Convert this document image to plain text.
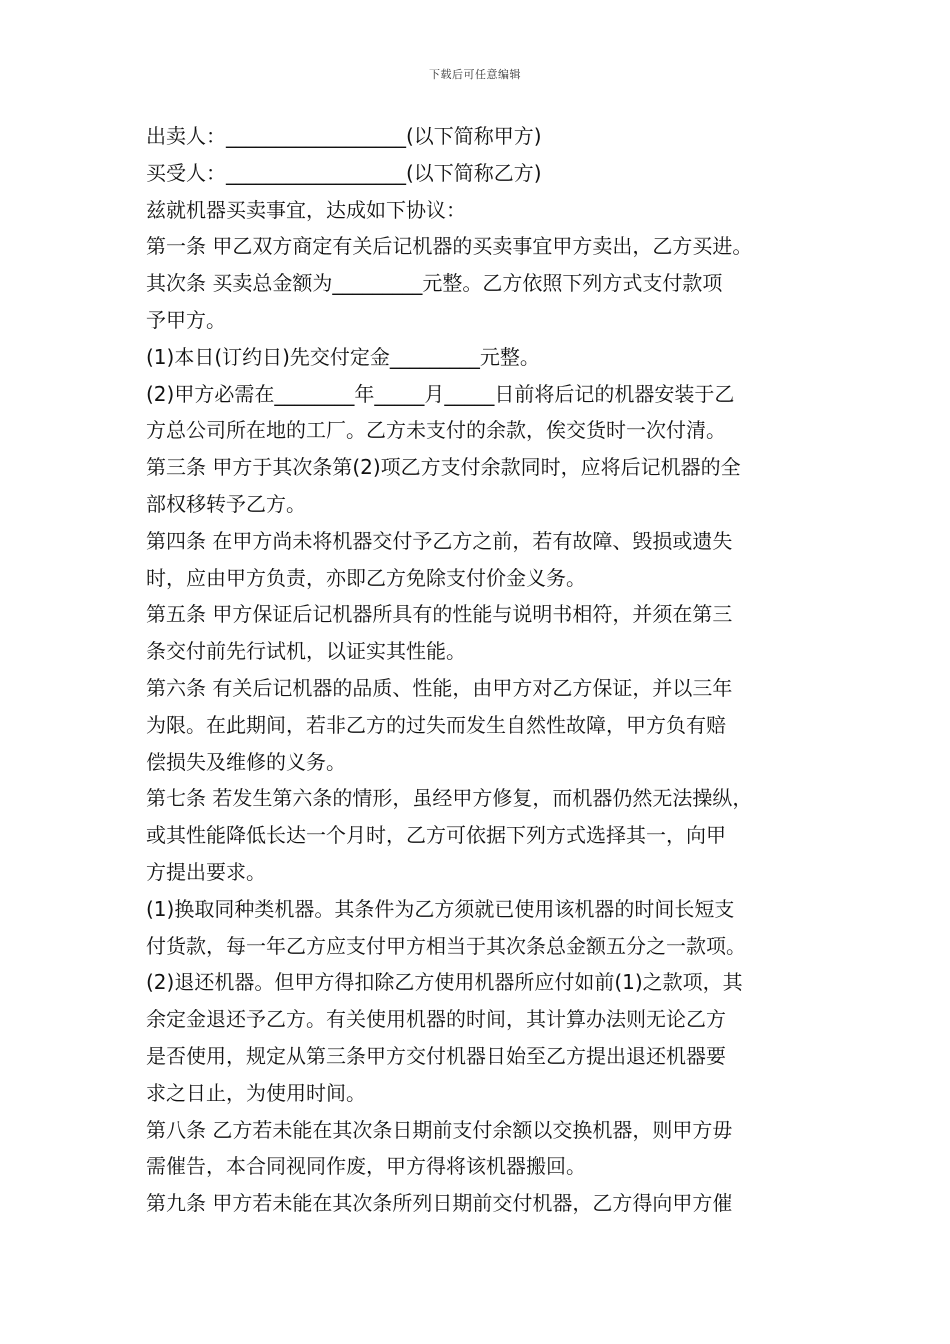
下载后可任意编辑
出卖人：__________________(以下简称甲方)
买受人：__________________(以下简称乙方)
兹就机器买卖事宜，达成如下协议：
第一条 甲乙双方商定有关后记机器的买卖事宜甲方卖出，乙方买进。
其次条 买卖总金额为_________元整。乙方依照下列方式支付款项
予甲方。
(1)本日(订约日)先交付定金_________元整。
(2)甲方必需在________年_____月_____日前将后记的机器安装于乙
方总公司所在地的工厂。乙方未支付的余款，俟交货时一次付清。
第三条 甲方于其次条第(2)项乙方支付余款同时，应将后记机器的全
部权移转予乙方。
第四条 在甲方尚未将机器交付予乙方之前，若有故障、毁损或遗失
时，应由甲方负责，亦即乙方免除支付价金义务。
第五条 甲方保证后记机器所具有的性能与说明书相符，并须在第三
条交付前先行试机，以证实其性能。
第六条 有关后记机器的品质、性能，由甲方对乙方保证，并以三年
为限。在此期间，若非乙方的过失而发生自然性故障，甲方负有赔
偿损失及维修的义务。
第七条 若发生第六条的情形，虽经甲方修复，而机器仍然无法操纵，
或其性能降低长达一个月时，乙方可依据下列方式选择其一，向甲
方提出要求。
(1)换取同种类机器。其条件为乙方须就已使用该机器的时间长短支
付货款，每一年乙方应支付甲方相当于其次条总金额五分之一款项。
(2)退还机器。但甲方得扣除乙方使用机器所应付如前(1)之款项，其
余定金退还予乙方。有关使用机器的时间，其计算办法则无论乙方
是否使用，规定从第三条甲方交付机器日始至乙方提出退还机器要
求之日止，为使用时间。
第八条 乙方若未能在其次条日期前支付余额以交换机器，则甲方毋
需催告，本合同视同作废，甲方得将该机器搬回。
第九条 甲方若未能在其次条所列日期前交付机器，乙方得向甲方催
